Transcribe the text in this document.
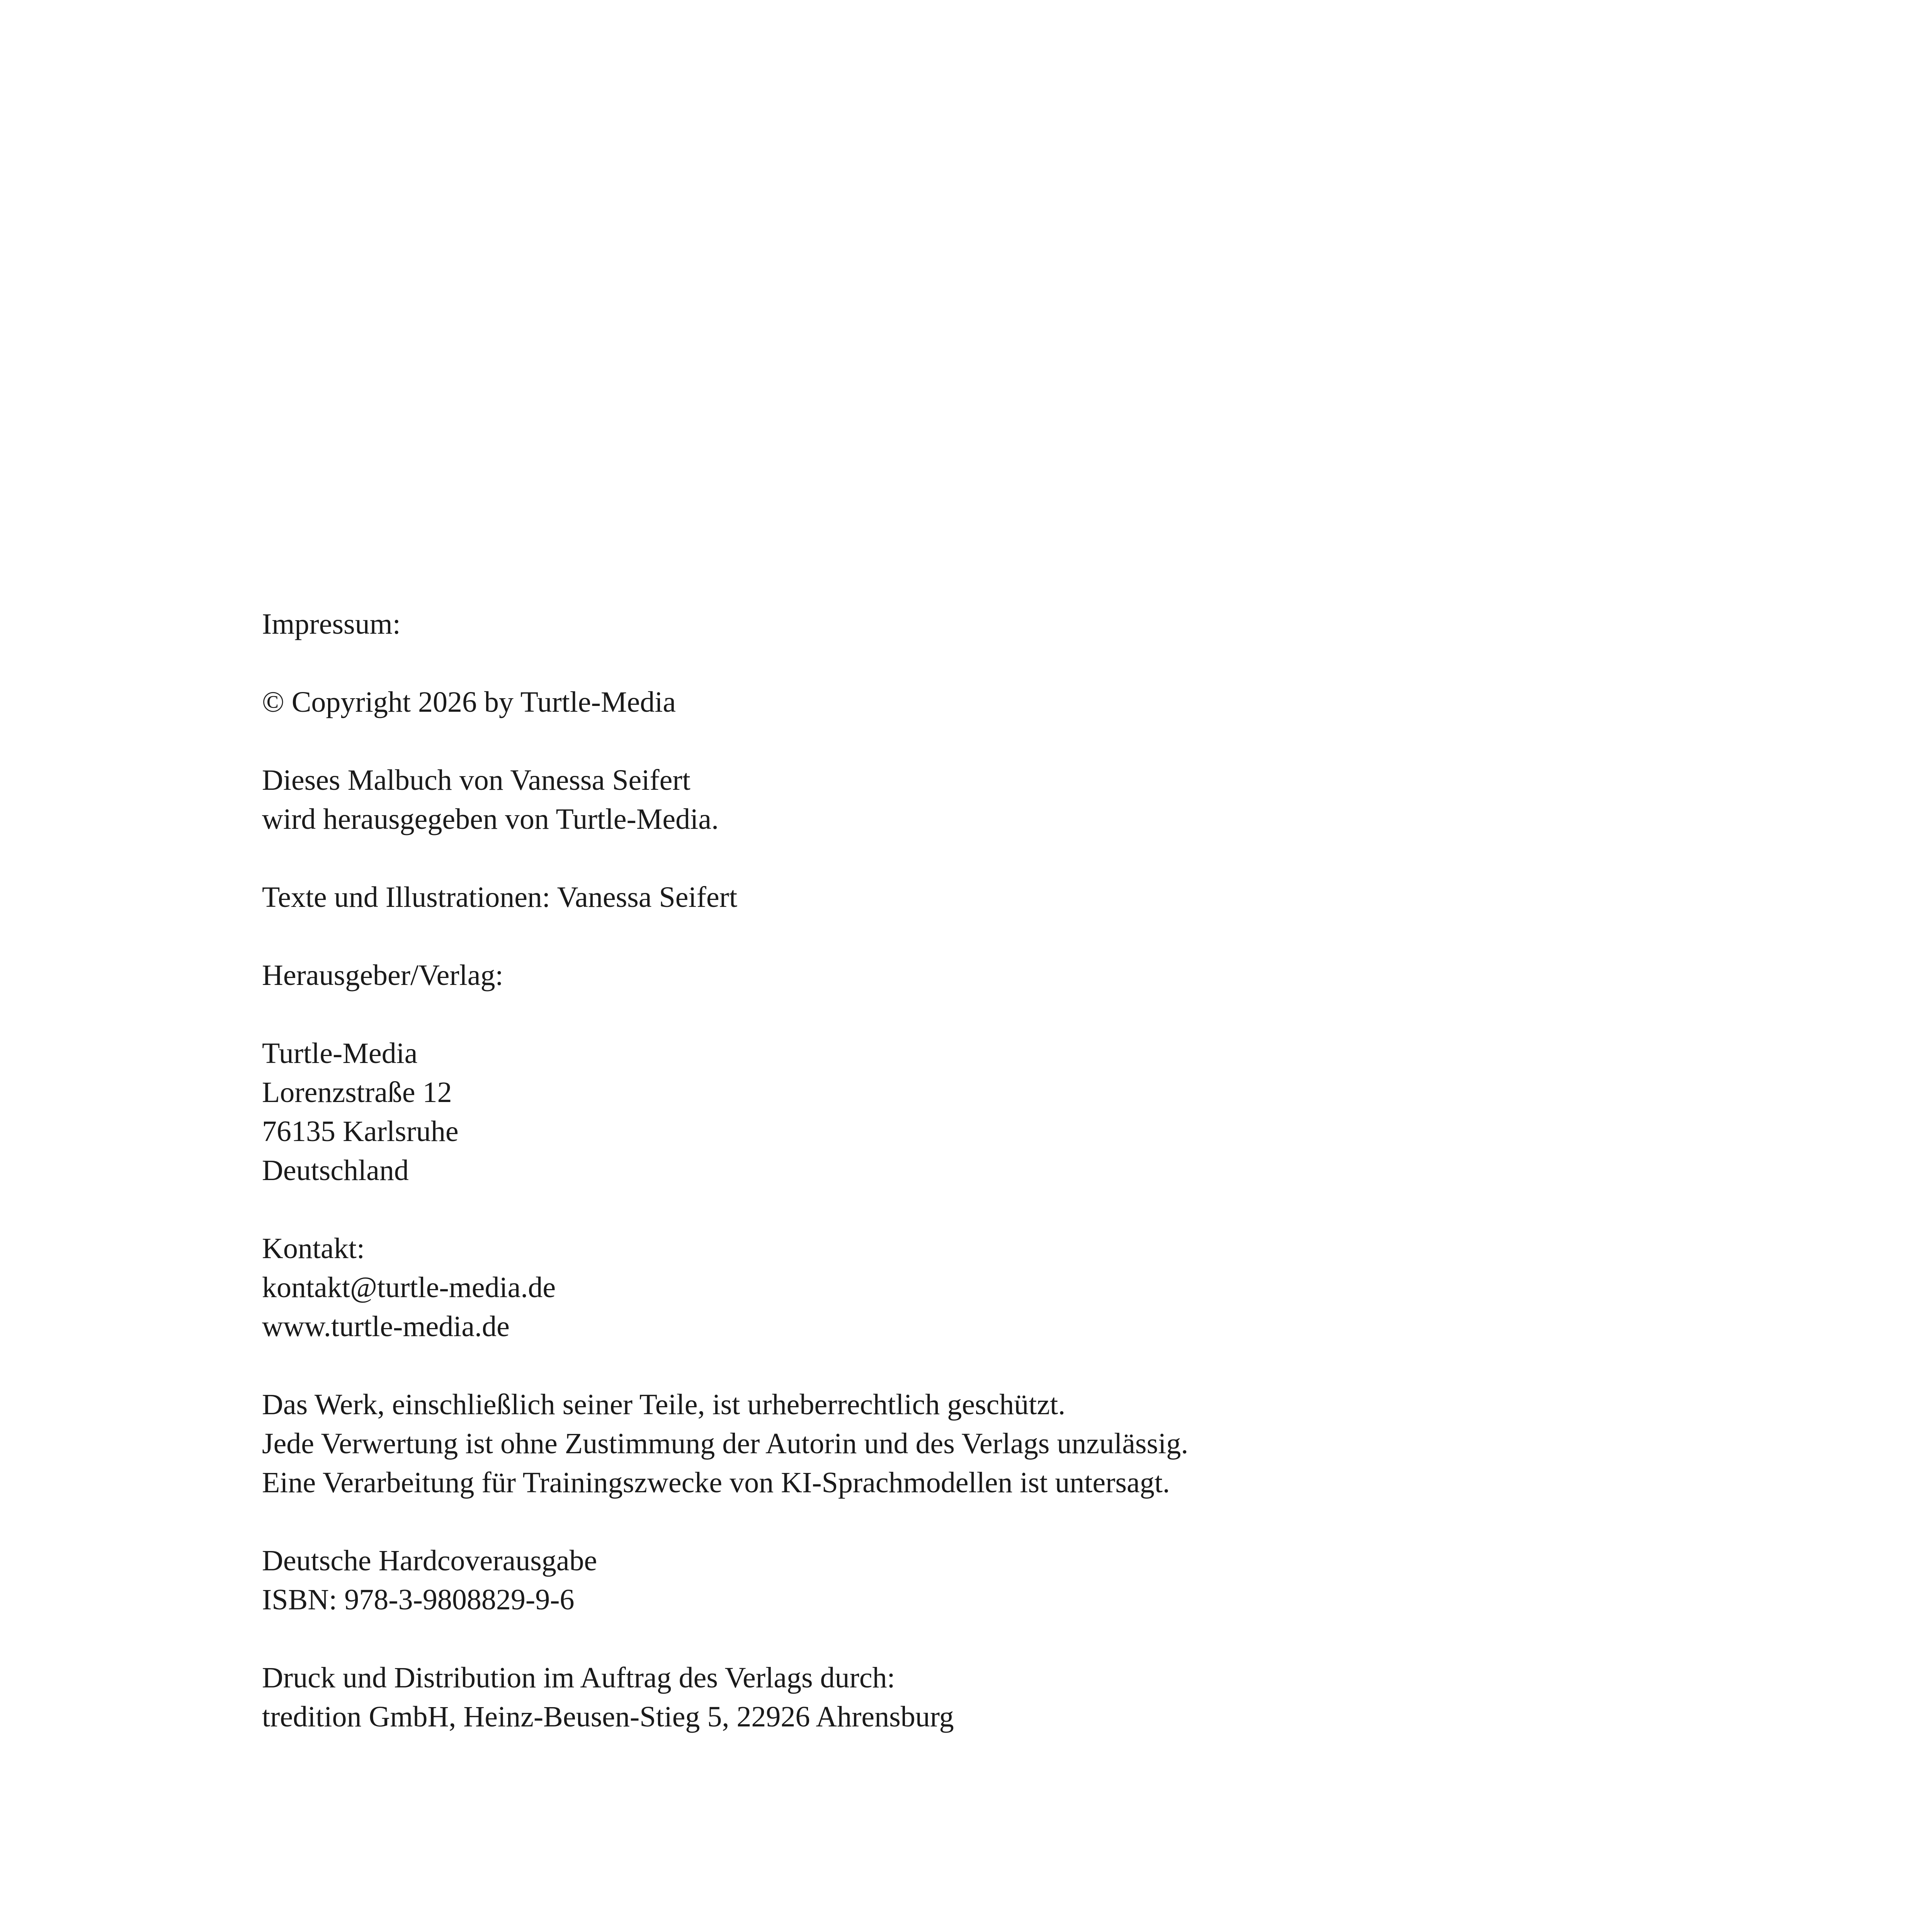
Impressum:
© Copyright 2026 by Turtle-Media
Dieses Malbuch von Vanessa Seifert
wird herausgegeben von Turtle-Media.
Texte und Illustrationen: Vanessa Seifert
Herausgeber/Verlag:
Turtle-Media
Lorenzstraße 12
76135 Karlsruhe
Deutschland
Kontakt:
kontakt@turtle-media.de
www.turtle-media.de
Das Werk, einschließlich seiner Teile, ist urheberrechtlich geschützt.
Jede Verwertung ist ohne Zustimmung der Autorin und des Verlags unzulässig.
Eine Verarbeitung für Trainingszwecke von KI-Sprachmodellen ist untersagt.
Deutsche Hardcoverausgabe
ISBN: 978-3-9808829-9-6
Druck und Distribution im Auftrag des Verlags durch:
tredition GmbH, Heinz-Beusen-Stieg 5, 22926 Ahrensburg
